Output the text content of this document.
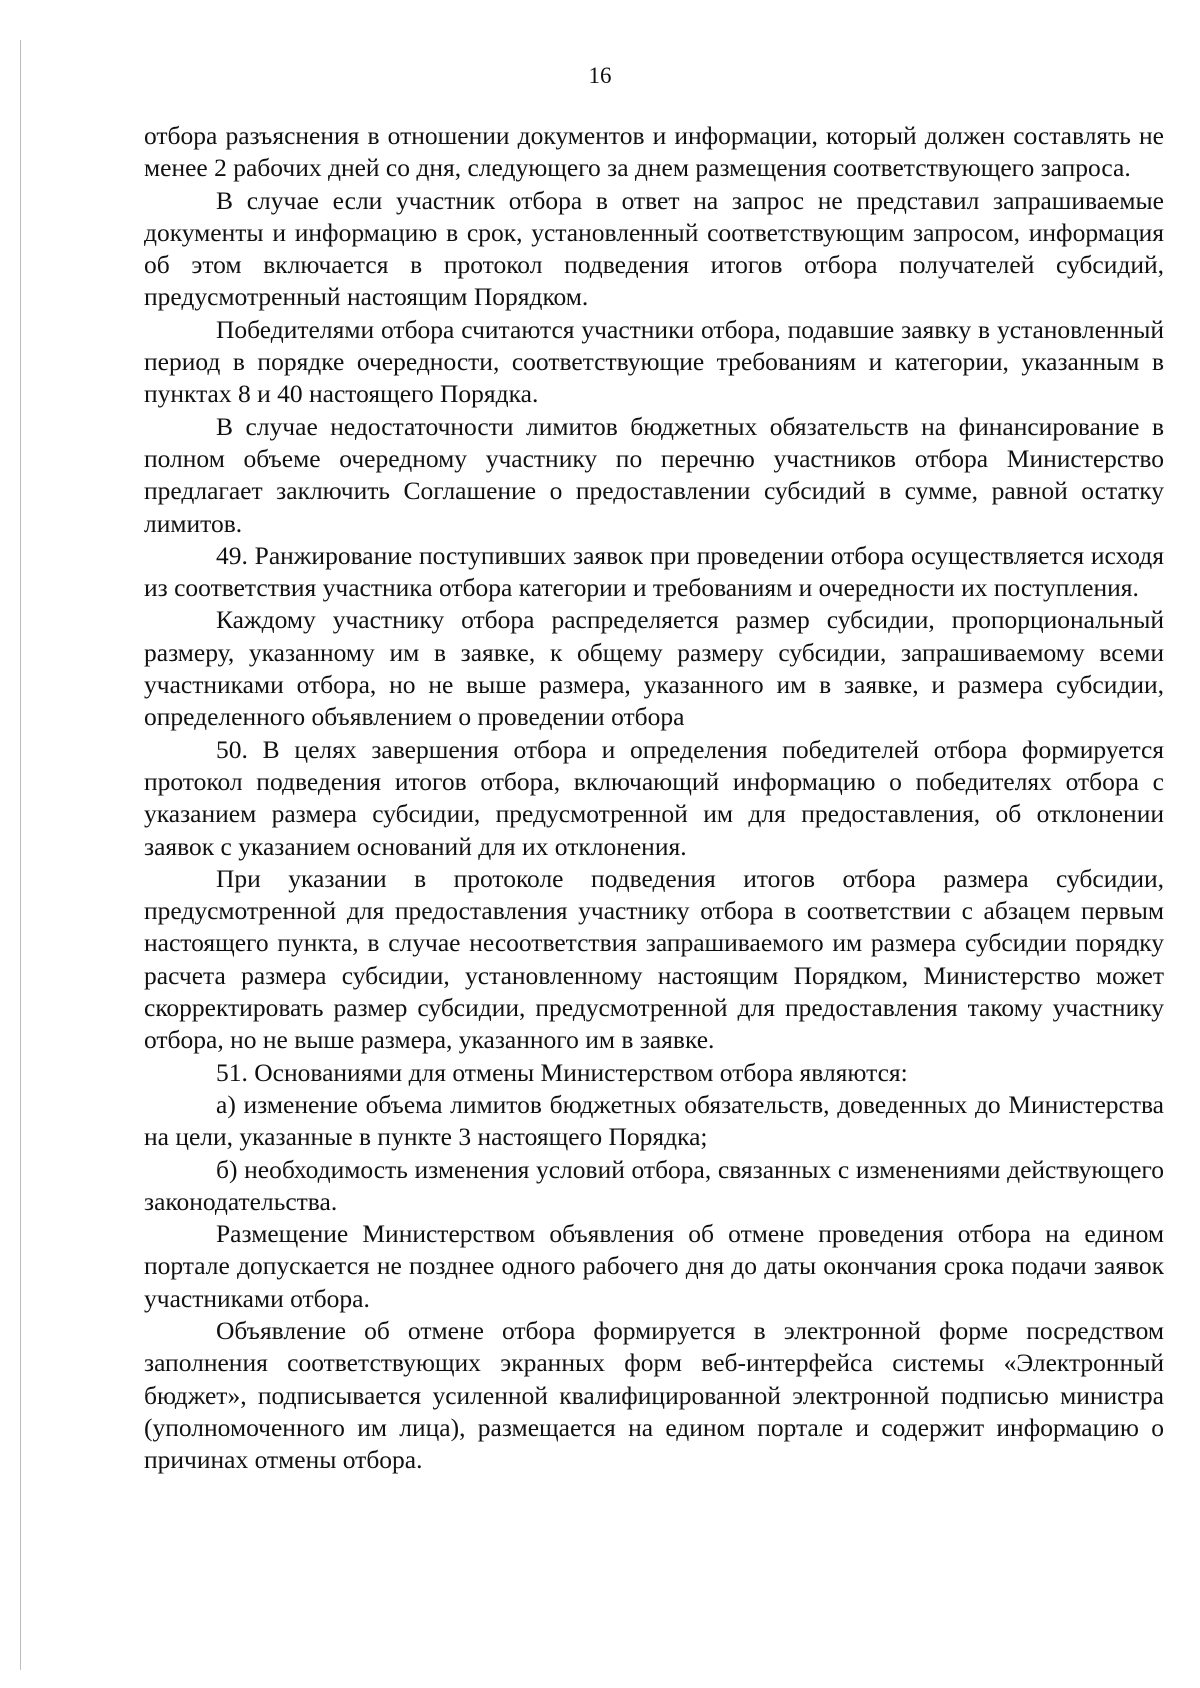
16

отбора разъяснения в отношении документов и информации, который должен составлять не менее 2 рабочих дней со дня, следующего за днем размещения соответствующего запроса.

В случае если участник отбора в ответ на запрос не представил запрашиваемые документы и информацию в срок, установленный соответствующим запросом, информация об этом включается в протокол подведения итогов отбора получателей субсидий, предусмотренный настоящим Порядком.

Победителями отбора считаются участники отбора, подавшие заявку в установленный период в порядке очередности, соответствующие требованиям и категории, указанным в пунктах 8 и 40 настоящего Порядка.

В случае недостаточности лимитов бюджетных обязательств на финансирование в полном объеме очередному участнику по перечню участников отбора Министерство предлагает заключить Соглашение о предоставлении субсидий в сумме, равной остатку лимитов.

49. Ранжирование поступивших заявок при проведении отбора осуществляется исходя из соответствия участника отбора категории и требованиям и очередности их поступления.

Каждому участнику отбора распределяется размер субсидии, пропорциональный размеру, указанному им в заявке, к общему размеру субсидии, запрашиваемому всеми участниками отбора, но не выше размера, указанного им в заявке, и размера субсидии, определенного объявлением о проведении отбора

50. В целях завершения отбора и определения победителей отбора формируется протокол подведения итогов отбора, включающий информацию о победителях отбора с указанием размера субсидии, предусмотренной им для предоставления, об отклонении заявок с указанием оснований для их отклонения.

При указании в протоколе подведения итогов отбора размера субсидии, предусмотренной для предоставления участнику отбора в соответствии с абзацем первым настоящего пункта, в случае несоответствия запрашиваемого им размера субсидии порядку расчета размера субсидии, установленному настоящим Порядком, Министерство может скорректировать размер субсидии, предусмотренной для предоставления такому участнику отбора, но не выше размера, указанного им в заявке.

51. Основаниями для отмены Министерством отбора являются:

а) изменение объема лимитов бюджетных обязательств, доведенных до Министерства на цели, указанные в пункте 3 настоящего Порядка;

б) необходимость изменения условий отбора, связанных с изменениями действующего законодательства.

Размещение Министерством объявления об отмене проведения отбора на едином портале допускается не позднее одного рабочего дня до даты окончания срока подачи заявок участниками отбора.

Объявление об отмене отбора формируется в электронной форме посредством заполнения соответствующих экранных форм веб-интерфейса системы «Электронный бюджет», подписывается усиленной квалифицированной электронной подписью министра (уполномоченного им лица), размещается на едином портале и содержит информацию о причинах отмены отбора.
